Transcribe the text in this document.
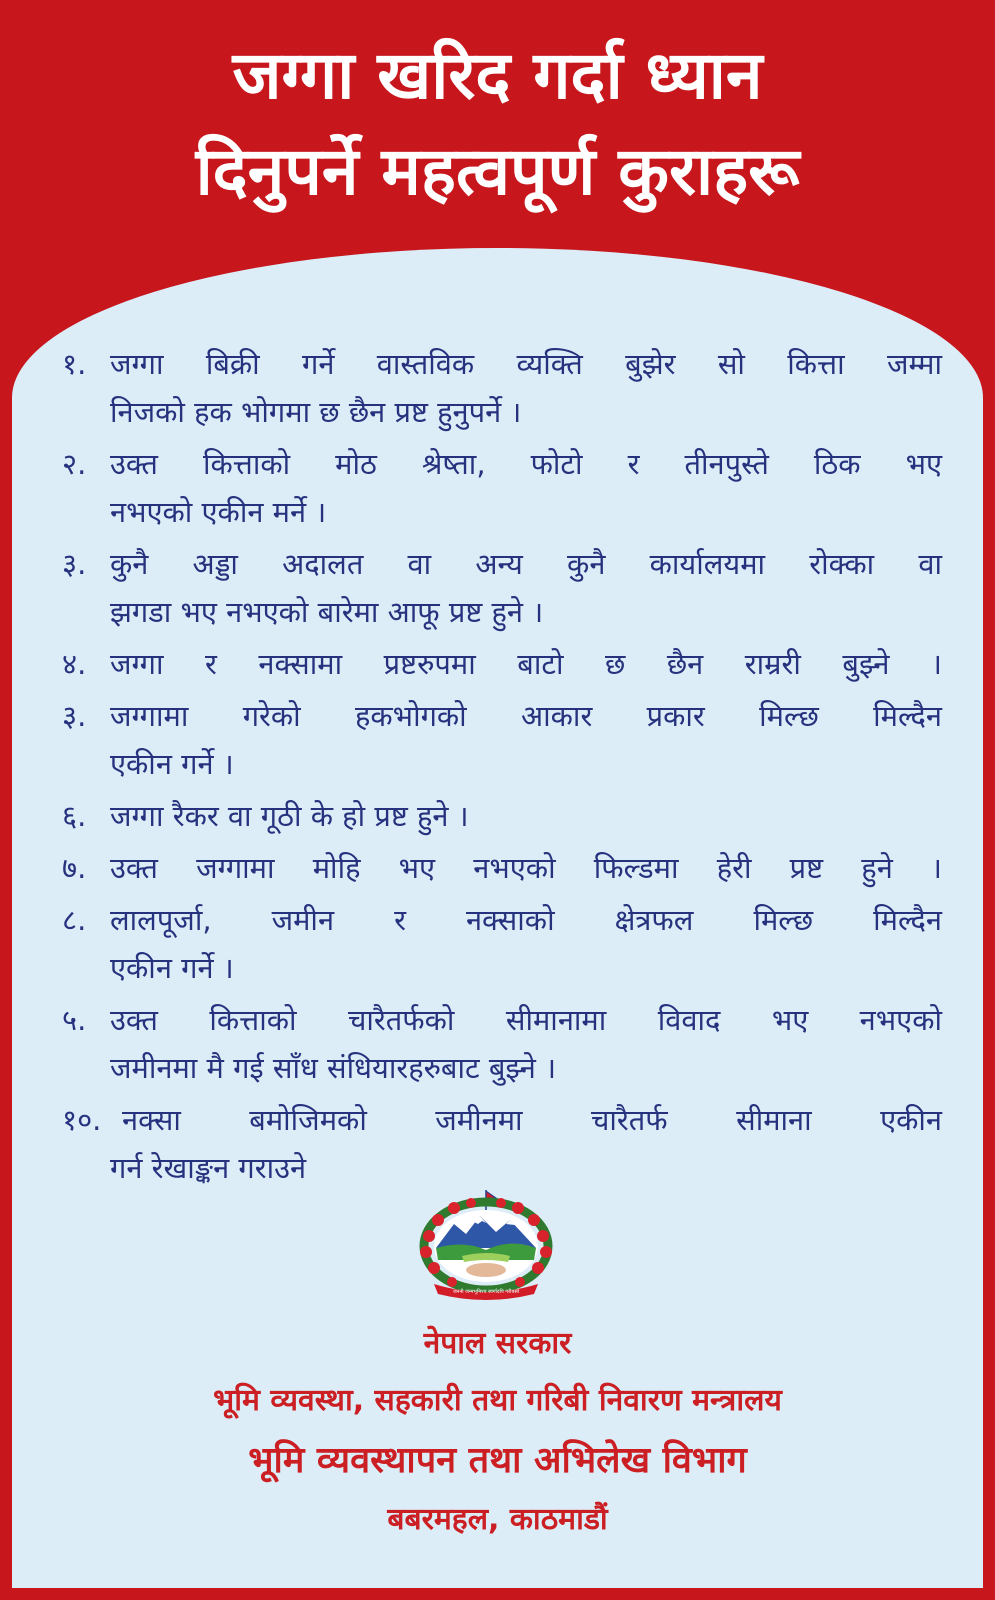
जग्गा खरिद गर्दा ध्यान
दिनुपर्ने महत्वपूर्ण कुराहरू
१. जग्गा बिक्री गर्ने वास्तविक व्यक्ति बुझेर सो कित्ता जम्मा
निजको हक भोगमा छ छैन प्रष्ट हुनुपर्ने ।
२. उक्त कित्ताको मोठ श्रेष्ता, फोटो र तीनपुस्ते ठिक भए
नभएको एकीन मर्ने ।
३. कुनै अड्डा अदालत वा अन्य कुनै कार्यालयमा रोक्का वा
झगडा भए नभएको बारेमा आफू प्रष्ट हुने ।
४. जग्गा र नक्सामा प्रष्टरुपमा बाटो छ छैन राम्ररी बुझ्ने ।
३. जग्गामा गरेको हकभोगको आकार प्रकार मिल्छ मिल्दैन
एकीन गर्ने ।
६. जग्गा रैकर वा गूठी के हो प्रष्ट हुने ।
७. उक्त जग्गामा मोहि भए नभएको फिल्डमा हेरी प्रष्ट हुने ।
८. लालपूर्जा, जमीन र नक्साको क्षेत्रफल मिल्छ मिल्दैन
एकीन गर्ने ।
५. उक्त कित्ताको चारैतर्फको सीमानामा विवाद भए नभएको
जमीनमा मै गई साँध संधियारहरुबाट बुझ्ने ।
१०. नक्सा बमोजिमको जमीनमा चारैतर्फ सीमाना एकीन
गर्न रेखाङ्कन गराउने
जननी जन्मभूमिश्च स्वर्गादपि गरीयसी
नेपाल सरकार
भूमि व्यवस्था, सहकारी तथा गरिबी निवारण मन्त्रालय
भूमि व्यवस्थापन तथा अभिलेख विभाग
बबरमहल, काठमाडौं
